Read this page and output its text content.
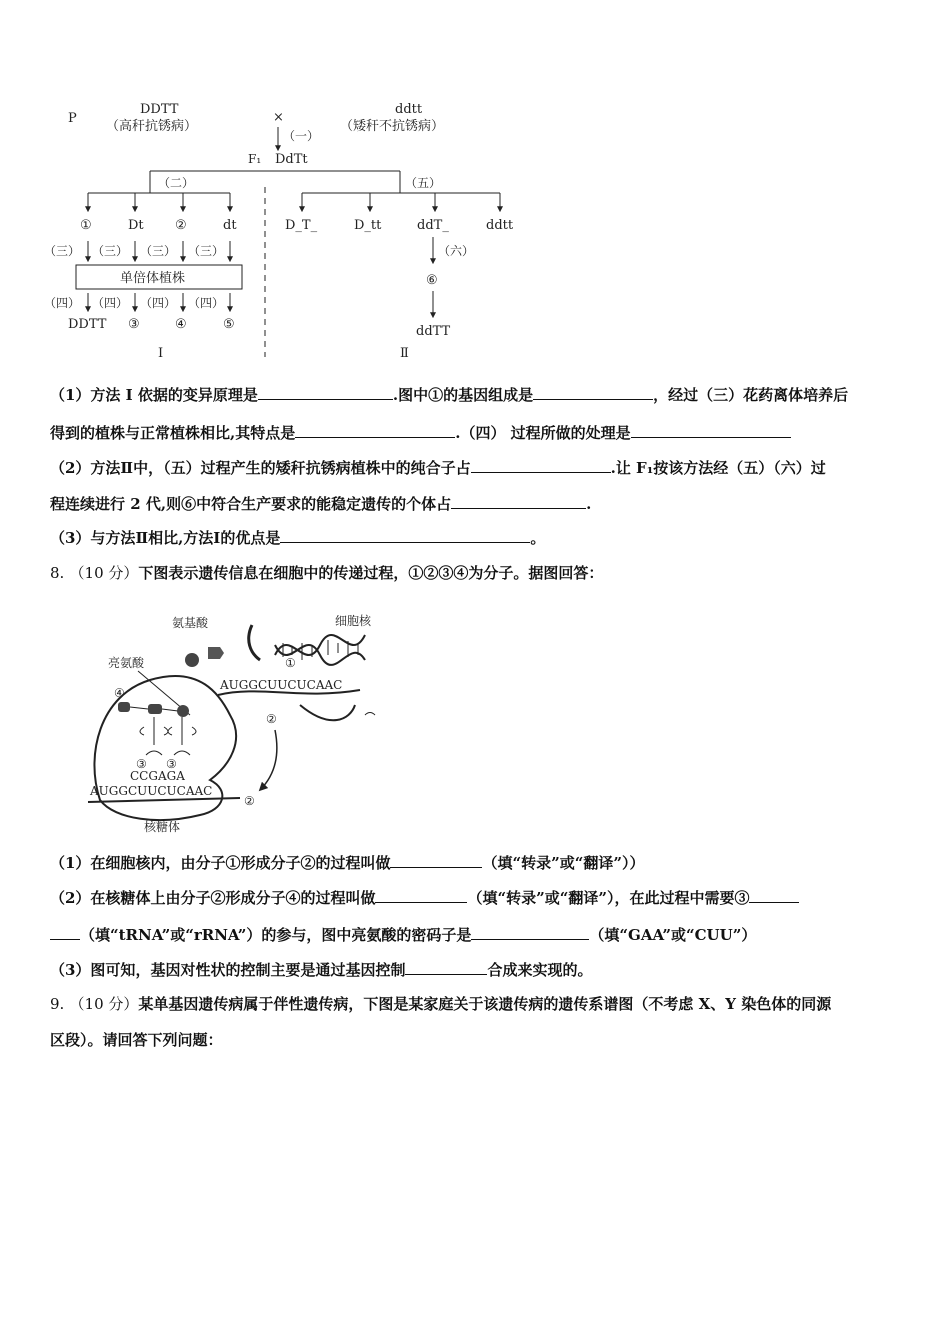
P
DDTT
（高秆抗锈病）
ddtt
（矮秆不抗锈病）
×
（一）
F₁ DdTt
（二）	（五）
①	Dt ②	dt
（三） （三） （三） （三）
单倍体植株
（四） （四） （四） （四）
DDTT ③	④	⑤
Ⅰ
D_T_	D_tt	ddT_	ddtt
（六）
⑥
ddTT
Ⅱ
（1）方法 I 依据的变异原理是	.图中①的基因组成是	，经过（三）花药离体培养后
得到的植株与正常植株相比,其特点是	.（四） 过程所做的处理是
（2）方法Ⅱ中，（五）过程产生的矮秆抗锈病植株中的纯合子占	.让 F₁按该方法经（五）（六）过
程连续进行 2 代,则⑥中符合生产要求的能稳定遗传的个体占	.
（3）与方法Ⅱ相比,方法Ⅰ的优点是	。
8. （10 分）下图表示遗传信息在细胞中的传递过程，①②③④为分子。据图回答：
细胞核
①
氨基酸
AUGGCUUCUCAAC
②
核糖体
亮氨酸
④
③ ③
CCGAGA
AUGGCUUCUCAAC
②
（1）在细胞核内，由分子①形成分子②的过程叫做	（填“转录”或“翻译”））
（2）在核糖体上由分子②形成分子④的过程叫做	（填“转录”或“翻译”），在此过程中需要③
（填“tRNA”或“rRNA”）的参与，图中亮氨酸的密码子是	（填“GAA”或“CUU”）
（3）图可知，基因对性状的控制主要是通过基因控制	合成来实现的。
9. （10 分）某单基因遗传病属于伴性遗传病，下图是某家庭关于该遗传病的遗传系谱图（不考虑 X、Y 染色体的同源
区段）。请回答下列问题：
